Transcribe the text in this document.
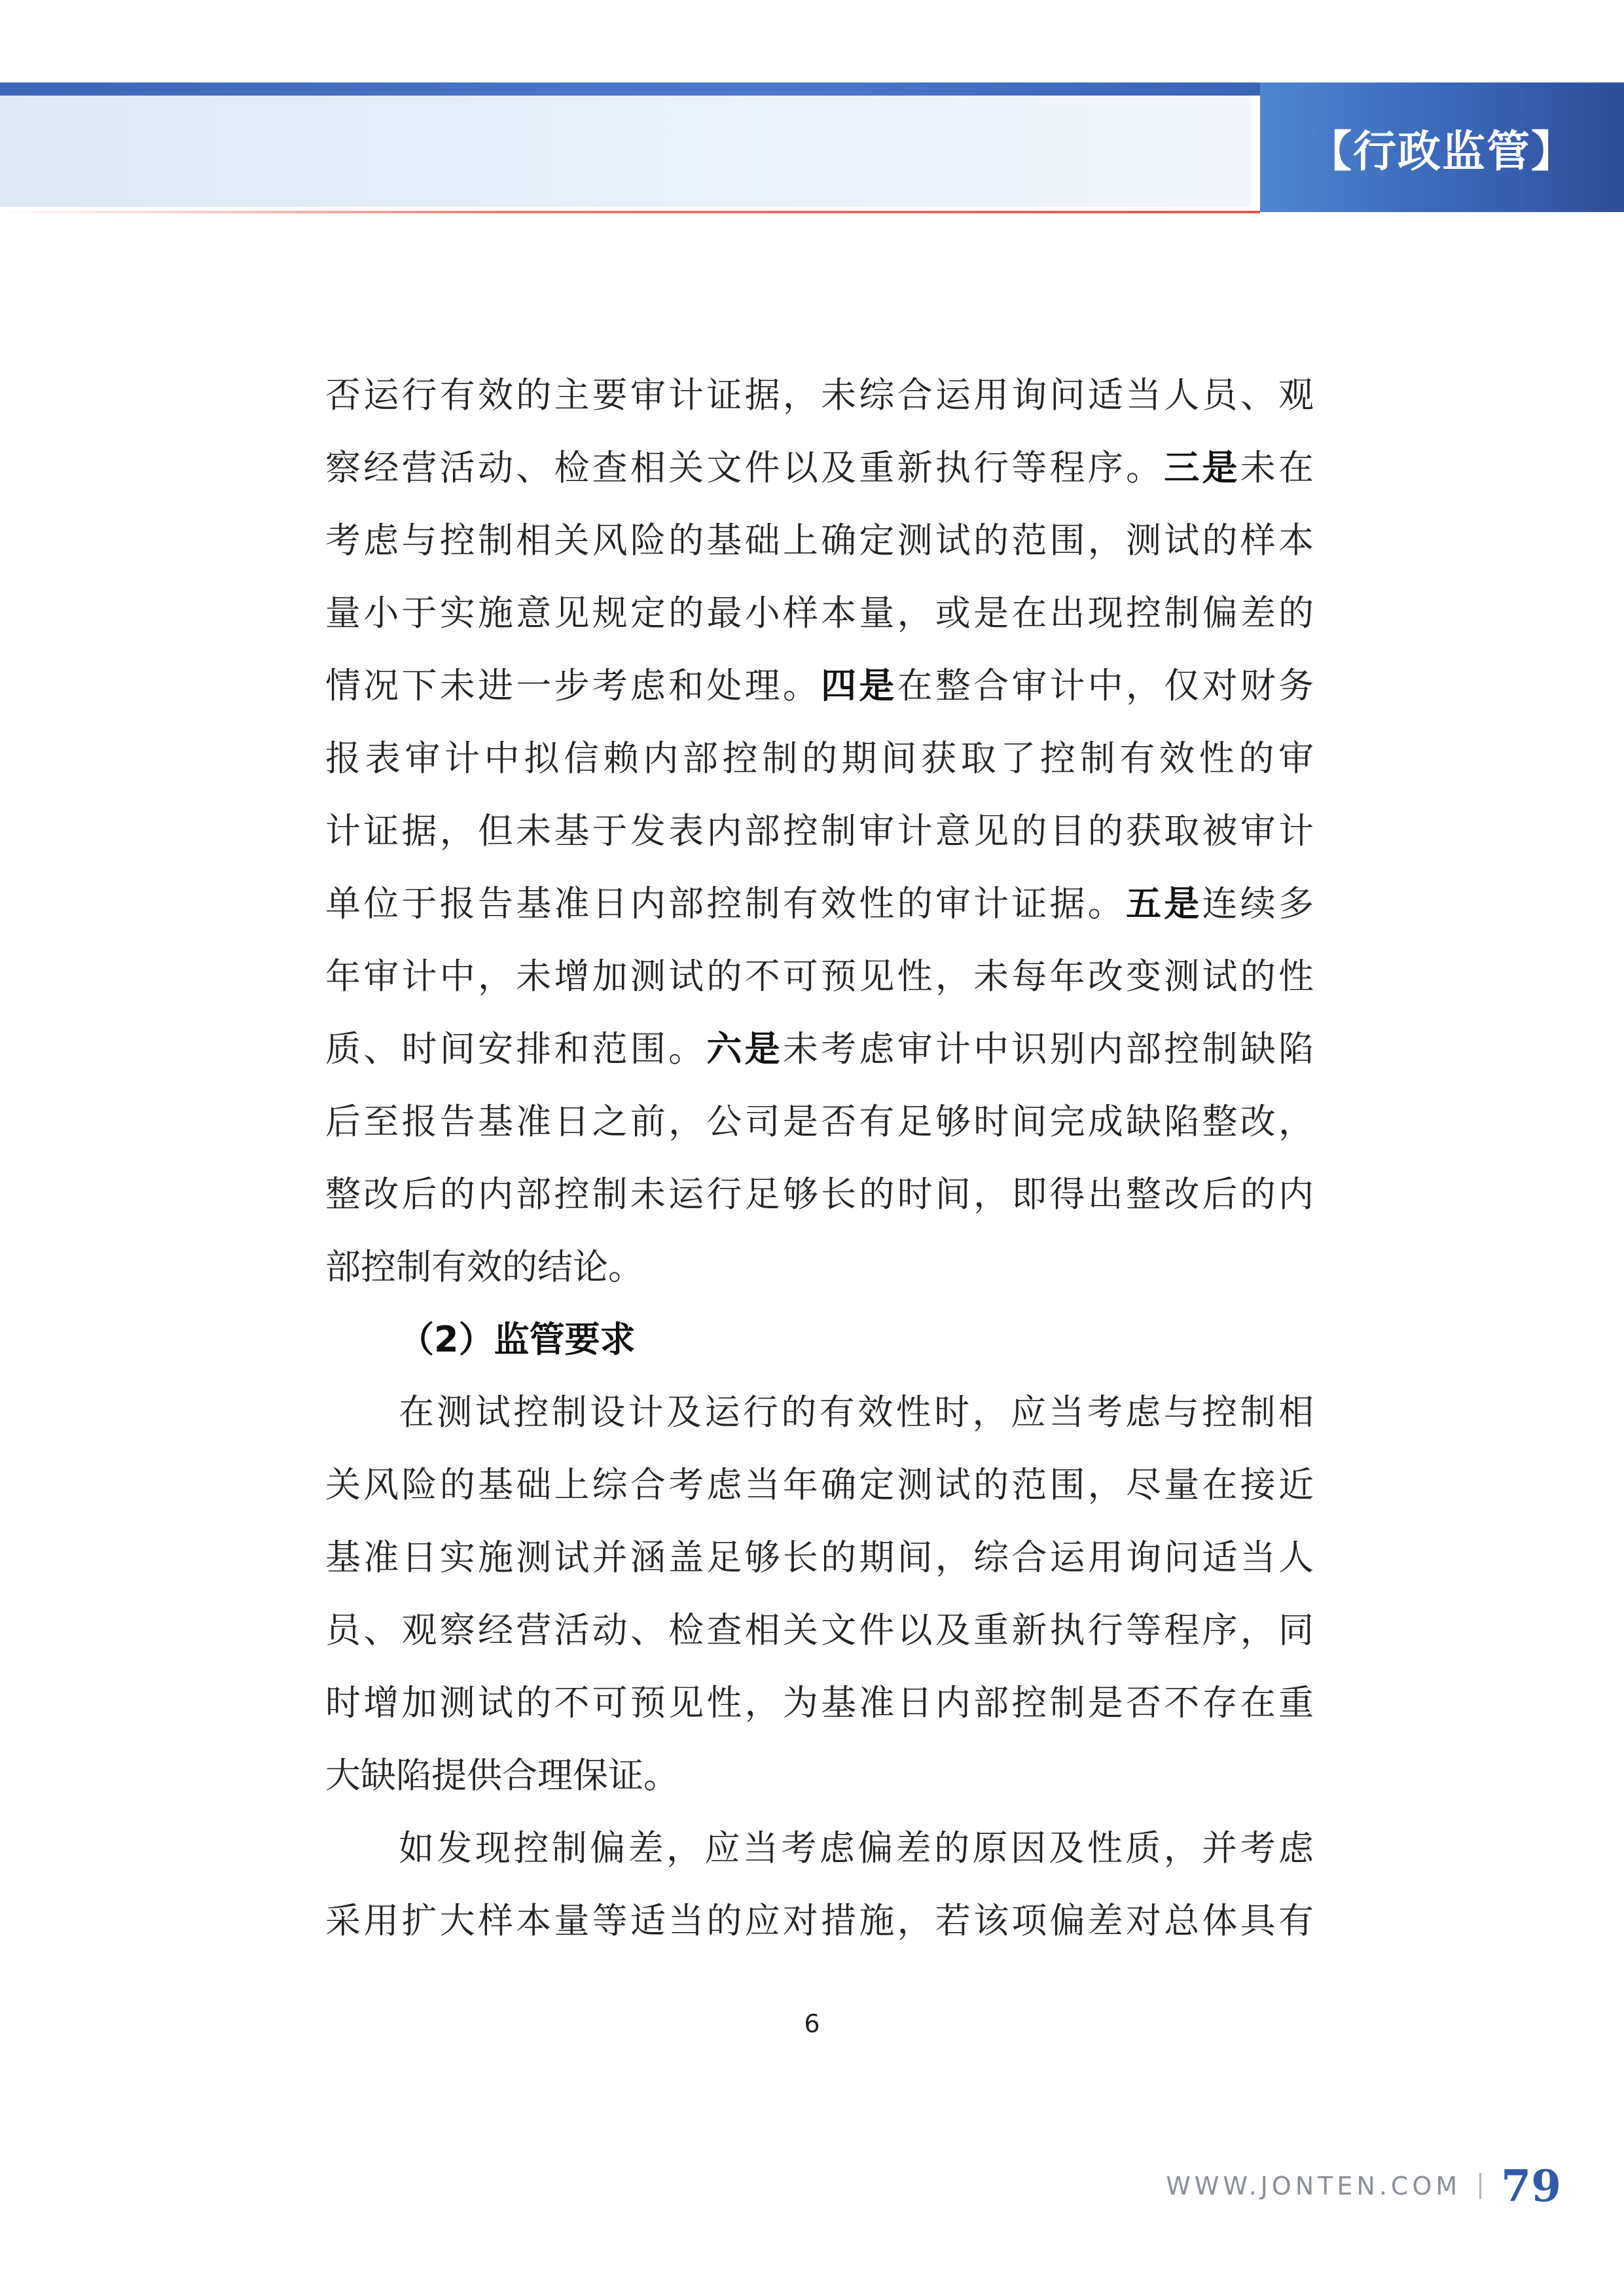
【行政监管】
否运行有效的主要审计证据，未综合运用询问适当人员、观
察经营活动、检查相关文件以及重新执行等程序。三是未在
考虑与控制相关风险的基础上确定测试的范围，测试的样本
量小于实施意见规定的最小样本量，或是在出现控制偏差的
情况下未进一步考虑和处理。四是在整合审计中，仅对财务
报表审计中拟信赖内部控制的期间获取了控制有效性的审
计证据，但未基于发表内部控制审计意见的目的获取被审计
单位于报告基准日内部控制有效性的审计证据。五是连续多
年审计中，未增加测试的不可预见性，未每年改变测试的性
质、时间安排和范围。六是未考虑审计中识别内部控制缺陷
后至报告基准日之前，公司是否有足够时间完成缺陷整改，
整改后的内部控制未运行足够长的时间，即得出整改后的内
部控制有效的结论。
（2）监管要求
在测试控制设计及运行的有效性时，应当考虑与控制相
关风险的基础上综合考虑当年确定测试的范围，尽量在接近
基准日实施测试并涵盖足够长的期间，综合运用询问适当人
员、观察经营活动、检查相关文件以及重新执行等程序，同
时增加测试的不可预见性，为基准日内部控制是否不存在重
大缺陷提供合理保证。
如发现控制偏差，应当考虑偏差的原因及性质，并考虑
采用扩大样本量等适当的应对措施，若该项偏差对总体具有
6
WWW.JONTEN.COM 79
